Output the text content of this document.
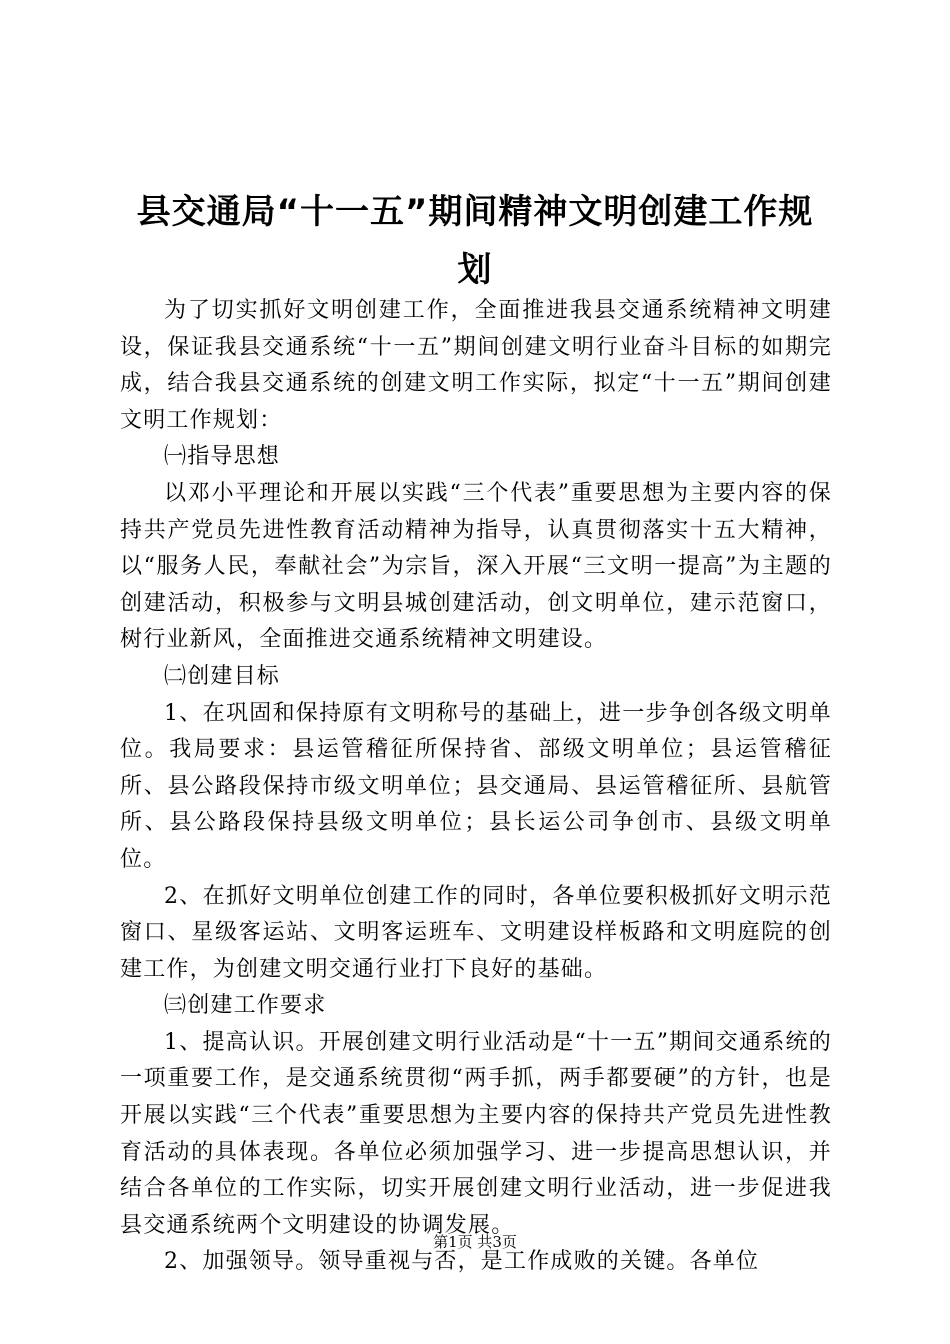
县交通局“十一五”期间精神文明创建工作规划

为了切实抓好文明创建工作，全面推进我县交通系统精神文明建设，保证我县交通系统“十一五”期间创建文明行业奋斗目标的如期完成，结合我县交通系统的创建文明工作实际，拟定“十一五”期间创建文明工作规划：

㈠指导思想

以邓小平理论和开展以实践“三个代表”重要思想为主要内容的保持共产党员先进性教育活动精神为指导，认真贯彻落实十五大精神，以“服务人民，奉献社会”为宗旨，深入开展“三文明一提高”为主题的创建活动，积极参与文明县城创建活动，创文明单位，建示范窗口，树行业新风，全面推进交通系统精神文明建设。

㈡创建目标

1、在巩固和保持原有文明称号的基础上，进一步争创各级文明单位。我局要求：县运管稽征所保持省、部级文明单位；县运管稽征所、县公路段保持市级文明单位；县交通局、县运管稽征所、县航管所、县公路段保持县级文明单位；县长运公司争创市、县级文明单位。

2、在抓好文明单位创建工作的同时，各单位要积极抓好文明示范窗口、星级客运站、文明客运班车、文明建设样板路和文明庭院的创建工作，为创建文明交通行业打下良好的基础。

㈢创建工作要求

1、提高认识。开展创建文明行业活动是“十一五”期间交通系统的一项重要工作，是交通系统贯彻“两手抓，两手都要硬”的方针，也是开展以实践“三个代表”重要思想为主要内容的保持共产党员先进性教育活动的具体表现。各单位必须加强学习、进一步提高思想认识，并结合各单位的工作实际，切实开展创建文明行业活动，进一步促进我县交通系统两个文明建设的协调发展。

2、加强领导。领导重视与否，是工作成败的关键。各单位

第1页 共3页
